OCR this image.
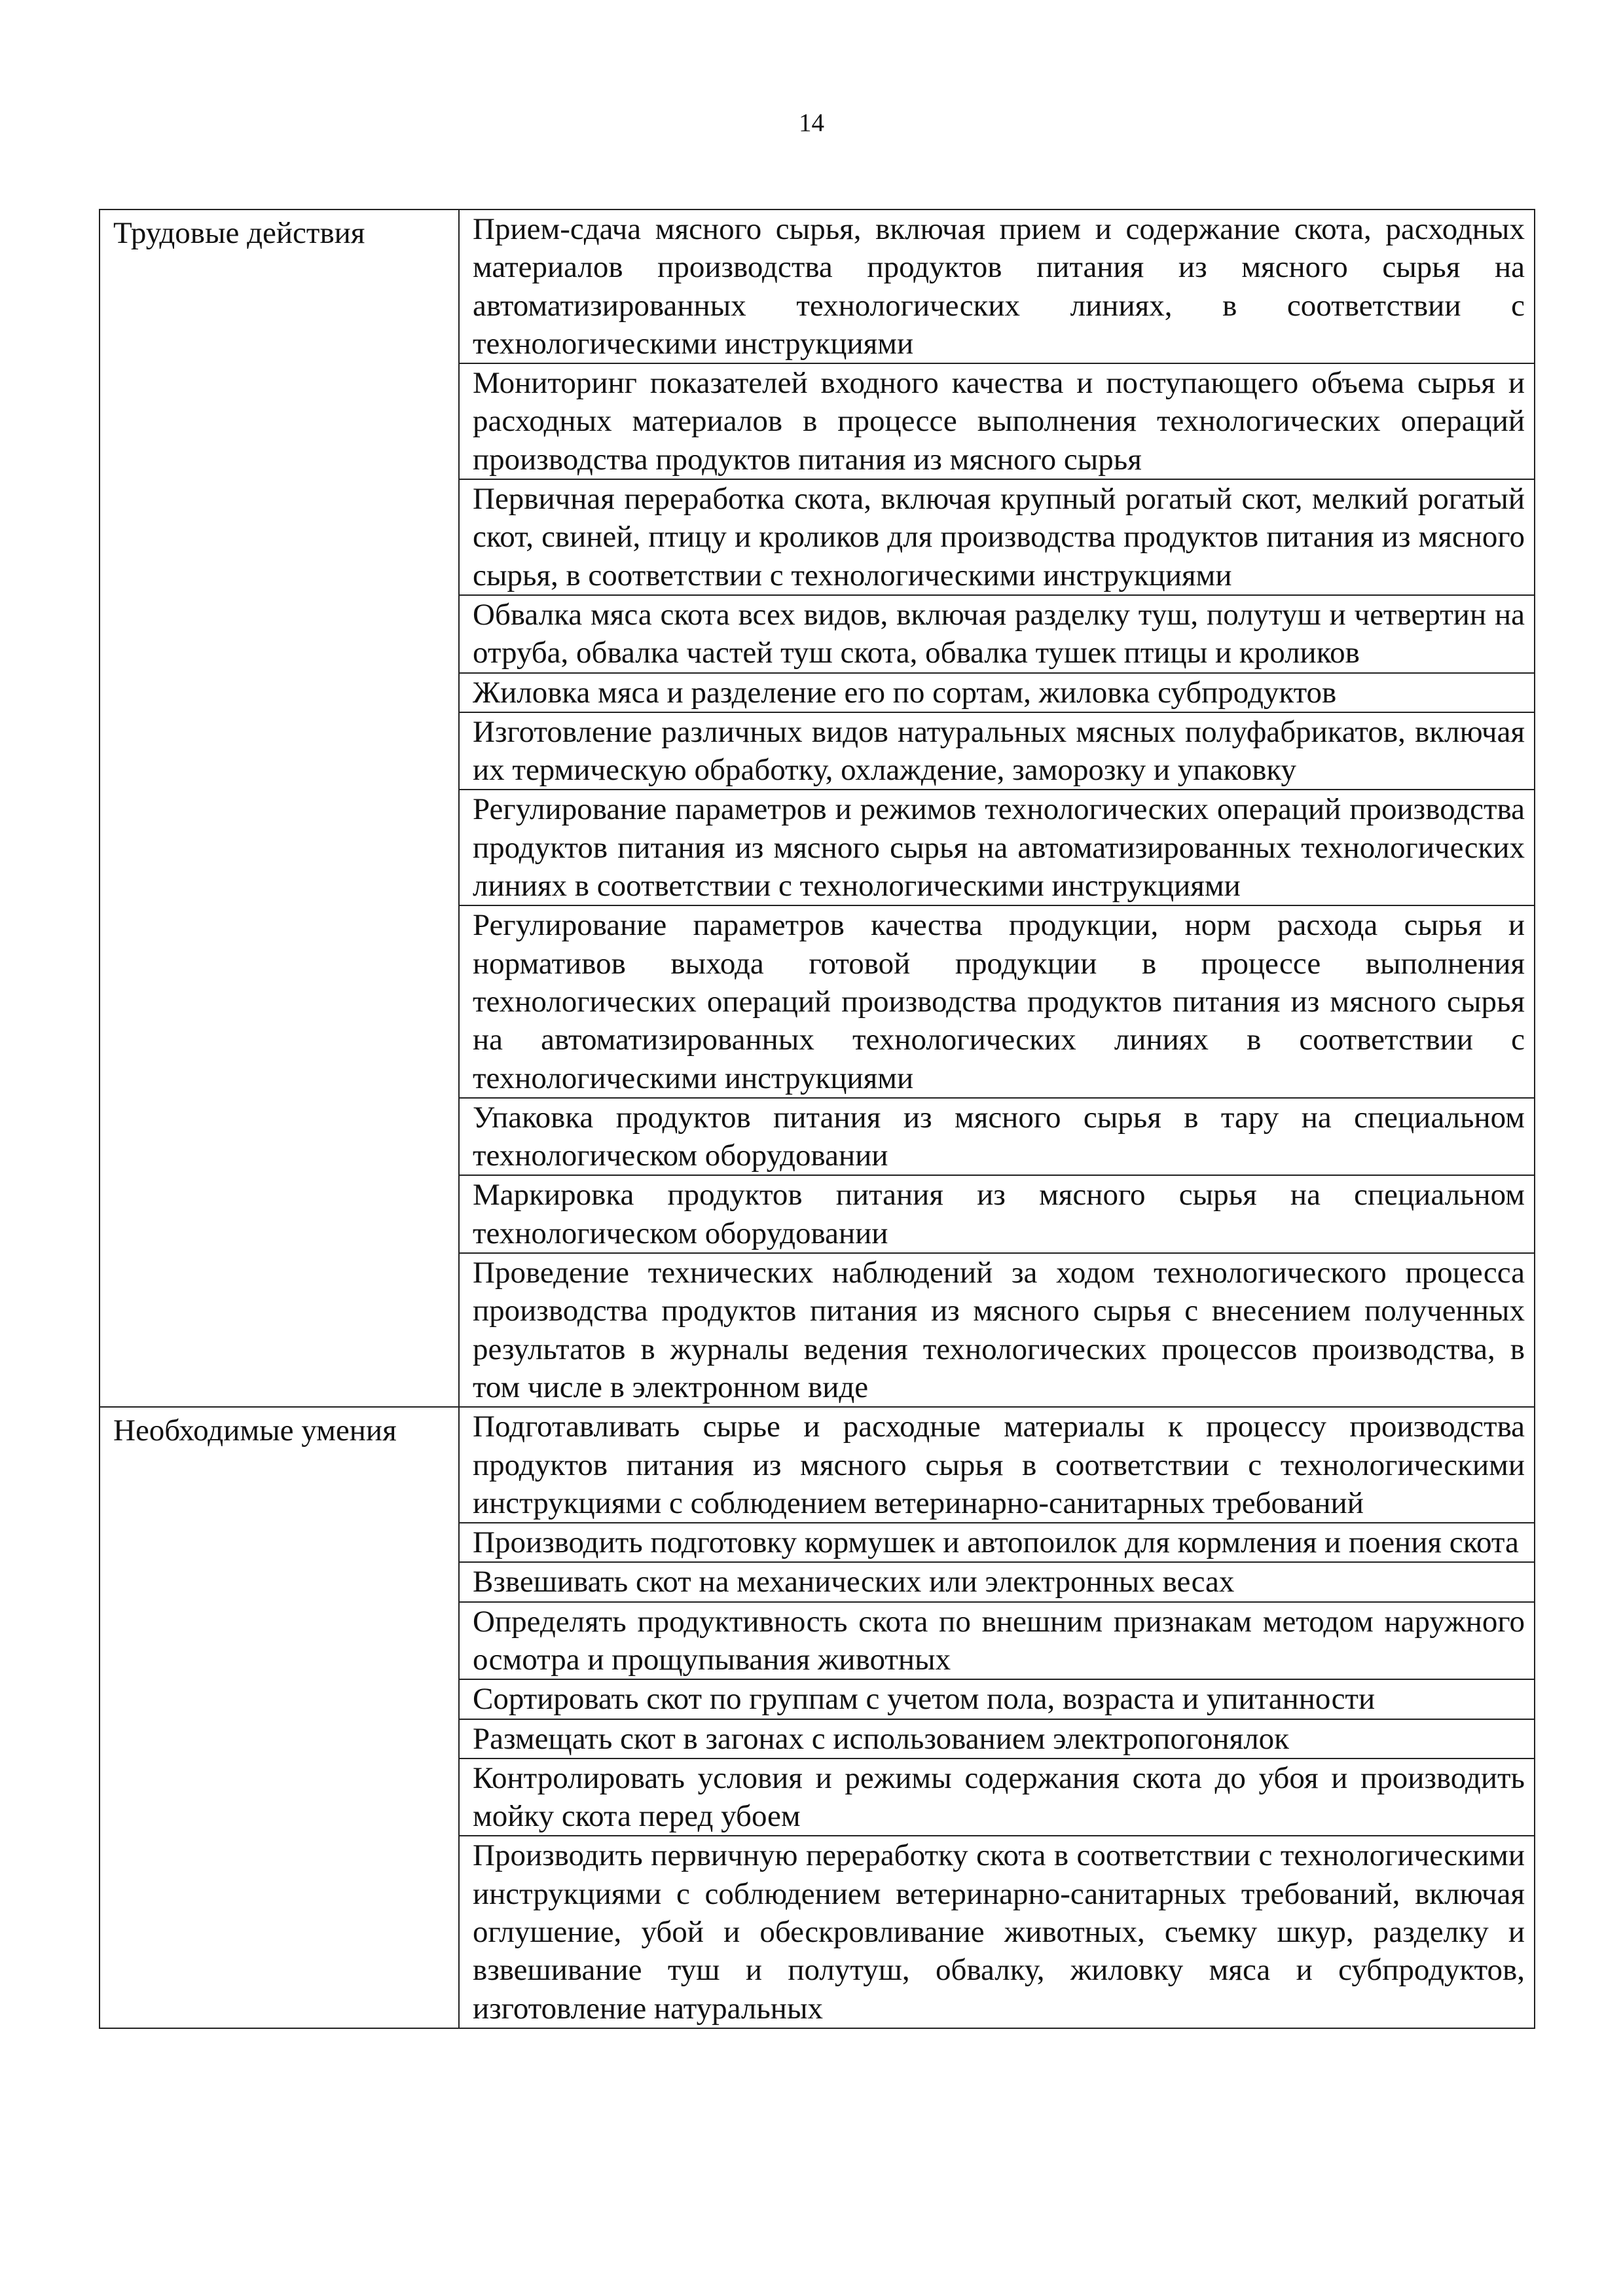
14
Трудовые действия	Прием-сдача мясного сырья, включая прием и содержание скота, расходных материалов производства продуктов питания из мясного сырья на автоматизированных технологических линиях, в соответствии с технологическими инструкциями
	Мониторинг показателей входного качества и поступающего объема сырья и расходных материалов в процессе выполнения технологических операций производства продуктов питания из мясного сырья
	Первичная переработка скота, включая крупный рогатый скот, мелкий рогатый скот, свиней, птицу и кроликов для производства продуктов питания из мясного сырья, в соответствии с технологическими инструкциями
	Обвалка мяса скота всех видов, включая разделку туш, полутуш и четвертин на отруба, обвалка частей туш скота, обвалка тушек птицы и кроликов
	Жиловка мяса и разделение его по сортам, жиловка субпродуктов
	Изготовление различных видов натуральных мясных полуфабрикатов, включая их термическую обработку, охлаждение, заморозку и упаковку
	Регулирование параметров и режимов технологических операций производства продуктов питания из мясного сырья на автоматизированных технологических линиях в соответствии с технологическими инструкциями
	Регулирование параметров качества продукции, норм расхода сырья и нормативов выхода готовой продукции в процессе выполнения технологических операций производства продуктов питания из мясного сырья на автоматизированных технологических линиях в соответствии с технологическими инструкциями
	Упаковка продуктов питания из мясного сырья в тару на специальном технологическом оборудовании
	Маркировка продуктов питания из мясного сырья на специальном технологическом оборудовании
	Проведение технических наблюдений за ходом технологического процесса производства продуктов питания из мясного сырья с внесением полученных результатов в журналы ведения технологических процессов производства, в том числе в электронном виде
Необходимые умения	Подготавливать сырье и расходные материалы к процессу производства продуктов питания из мясного сырья в соответствии с технологическими инструкциями с соблюдением ветеринарно-санитарных требований
	Производить подготовку кормушек и автопоилок для кормления и поения скота
	Взвешивать скот на механических или электронных весах
	Определять продуктивность скота по внешним признакам методом наружного осмотра и прощупывания животных
	Сортировать скот по группам с учетом пола, возраста и упитанности
	Размещать скот в загонах с использованием электропогонялок
	Контролировать условия и режимы содержания скота до убоя и производить мойку скота перед убоем
	Производить первичную переработку скота в соответствии с технологическими инструкциями с соблюдением ветеринарно-санитарных требований, включая оглушение, убой и обескровливание животных, съемку шкур, разделку и взвешивание туш и полутуш, обвалку, жиловку мяса и субпродуктов, изготовление натуральных
